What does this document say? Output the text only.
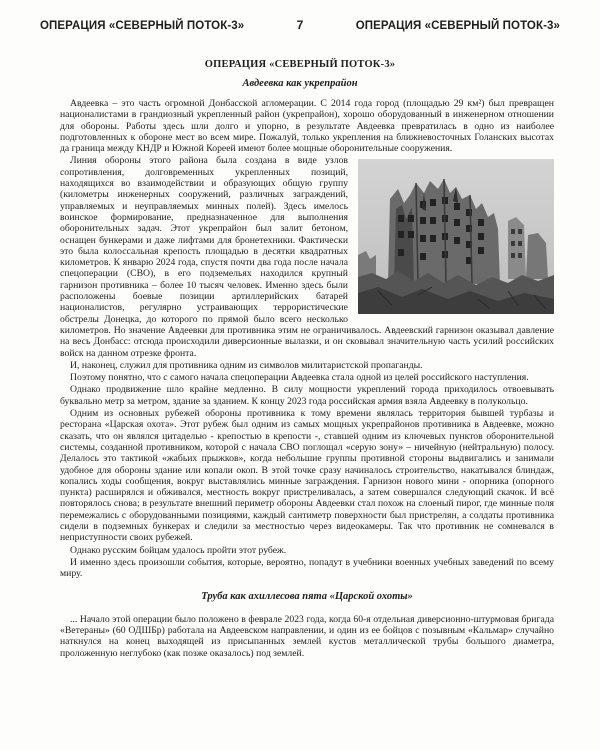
ОПЕРАЦИЯ «СЕВЕРНЫЙ ПОТОК-3»	7	ОПЕРАЦИЯ «СЕВЕРНЫЙ ПОТОК-3»
ОПЕРАЦИЯ «СЕВЕРНЫЙ ПОТОК-3»
Авдеевка как укрепрайон

Авдеевка – это часть огромной Донбасской агломерации. С 2014 года город (площадью 29 км²) был превращен националистами в грандиозный укрепленный район (укрепрайон), хорошо оборудованный в инженерном отношении для обороны. Работы здесь шли долго и упорно, в результате Авдеевка превратилась в одно из наиболее подготовленных к обороне мест во всем мире. Пожалуй, только укрепления на ближневосточных Голанских высотах да граница между КНДР и Южной Кореей имеют более мощные оборонительные сооружения.

Линия обороны этого района была создана в виде узлов сопротивления, долговременных укрепленных позиций, находящихся во взаимодействии и образующих общую группу (километры инженерных сооружений, различных заграждений, управляемых и неуправляемых минных полей). Здесь имелось воинское формирование, предназначенное для выполнения оборонительных задач. Этот укрепрайон был залит бетоном, оснащен бункерами и даже лифтами для бронетехники. Фактически это была колоссальная крепость площадью в десятки квадратных километров. К январю 2024 года, спустя почти два года после начала спецоперации (СВО), в его подземельях находился крупный гарнизон противника – более 10 тысяч человек. Именно здесь были расположены боевые позиции артиллерийских батарей националистов, регулярно устраивающих террористические обстрелы Донецка, до которого по прямой было всего несколько километров. Но значение Авдеевки для противника этим не ограничивалось. Авдеевский гарнизон оказывал давление на весь Донбасс: отсюда происходили диверсионные вылазки, и он сковывал значительную часть усилий российских войск на данном отрезке фронта.

И, наконец, служил для противника одним из символов милитаристской пропаганды.

Поэтому понятно, что с самого начала спецоперации Авдеевка стала одной из целей российского наступления.

Однако продвижение шло крайне медленно. В силу мощности укреплений города приходилось отвоевывать буквально метр за метром, здание за зданием. К концу 2023 года российская армия взяла Авдеевку в полукольцо.

Одним из основных рубежей обороны противника к тому времени являлась территория бывшей турбазы и ресторана «Царская охота». Этот рубеж был одним из самых мощных укрепрайонов противника в Авдеевке, можно сказать, что он являлся цитаделью - крепостью в крепости -, ставшей одним из ключевых пунктов оборонительной системы, созданной противником, которой с начала СВО поглощал «серую зону» – ничейную (нейтральную) полосу. Делалось это тактикой «жабьих прыжков», когда небольшие группы противной стороны выдвигались и занимали удобное для обороны здание или копали окоп. В этой точке сразу начиналось строительство, накатывался блиндаж, копались ходы сообщения, вокруг выставлялись минные заграждения. Гарнизон нового мини - опорника (опорного пункта) расширялся и обживался, местность вокруг пристреливалась, а затем совершался следующий скачок. И всё повторялось снова; в результате внешний периметр обороны Авдеевки стал похож на слоеный пирог, где минные поля перемежались с оборудованными позициями, каждый сантиметр поверхности был пристрелян, а солдаты противника сидели в подземных бункерах и следили за местностью через видеокамеры. Так что противник не сомневался в неприступности своих рубежей.

Однако русским бойцам удалось пройти этот рубеж.

И именно здесь произошли события, которые, вероятно, попадут в учебники военных учебных заведений по всему миру.

Труба как ахиллесова пята «Царской охоты»

... Начало этой операции было положено в феврале 2023 года, когда 60-я отдельная диверсионно-штурмовая бригада «Ветераны» (60 ОДШБр) работала на Авдеевском направлении, и один из ее бойцов с позывным «Кальмар» случайно наткнулся на конец выходящей из присыпанных землей кустов металлической трубы большого диаметра, проложенную неглубоко (как позже оказалось) под землей.
